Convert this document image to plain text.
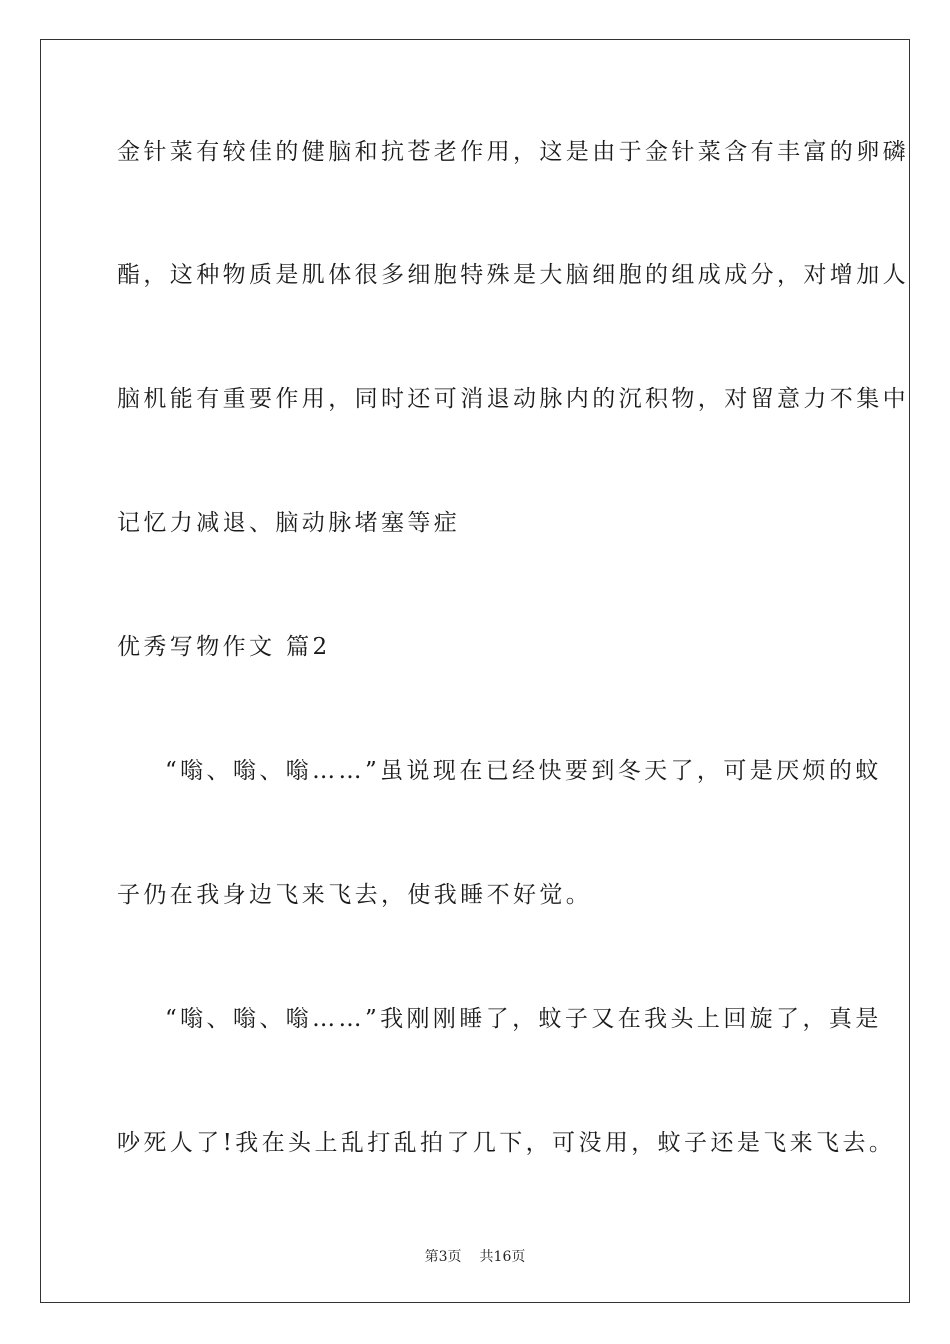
金针菜有较佳的健脑和抗苍老作用，这是由于金针菜含有丰富的卵磷
酯，这种物质是肌体很多细胞特殊是大脑细胞的组成成分，对增加人
脑机能有重要作用，同时还可消退动脉内的沉积物，对留意力不集中
记忆力减退、脑动脉堵塞等症
优秀写物作文 篇2
“嗡、嗡、嗡……”虽说现在已经快要到冬天了，可是厌烦的蚊
子仍在我身边飞来飞去，使我睡不好觉。
“嗡、嗡、嗡……”我刚刚睡了，蚊子又在我头上回旋了，真是
吵死人了!我在头上乱打乱拍了几下，可没用，蚊子还是飞来飞去。
第3页 共16页
